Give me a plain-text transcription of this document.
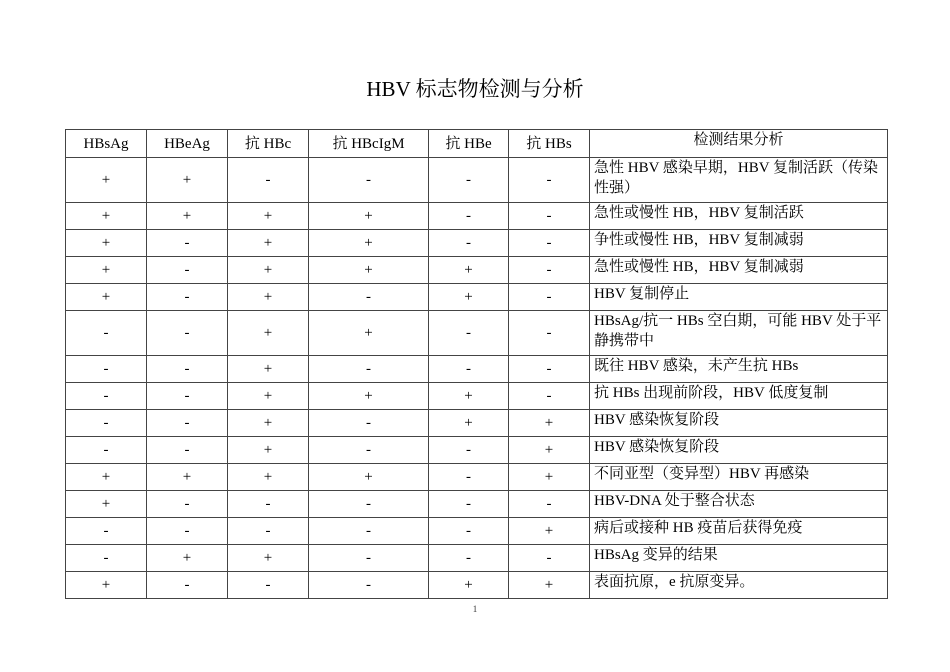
HBV 标志物检测与分析
HBsAg	HBeAg	抗 HBc	抗 HBcIgM	抗 HBe	抗 HBs	检测结果分析
+	+	-	-	-	-	急性 HBV 感染早期，HBV 复制活跃（传染性强）
+	+	+	+	-	-	急性或慢性 HB，HBV 复制活跃
+	-	+	+	-	-	争性或慢性 HB，HBV 复制减弱
+	-	+	+	+	-	急性或慢性 HB，HBV 复制减弱
+	-	+	-	+	-	HBV 复制停止
-	-	+	+	-	-	HBsAg/抗一 HBs 空白期，可能 HBV 处于平静携带中
-	-	+	-	-	-	既往 HBV 感染，未产生抗 HBs
-	-	+	+	+	-	抗 HBs 出现前阶段，HBV 低度复制
-	-	+	-	+	+	HBV 感染恢复阶段
-	-	+	-	-	+	HBV 感染恢复阶段
+	+	+	+	-	+	不同亚型（变异型）HBV 再感染
+	-	-	-	-	-	HBV-DNA 处于整合状态
-	-	-	-	-	+	病后或接种 HB 疫苗后获得免疫
-	+	+	-	-	-	HBsAg 变异的结果
+	-	-	-	+	+	表面抗原，e 抗原变异。
1
